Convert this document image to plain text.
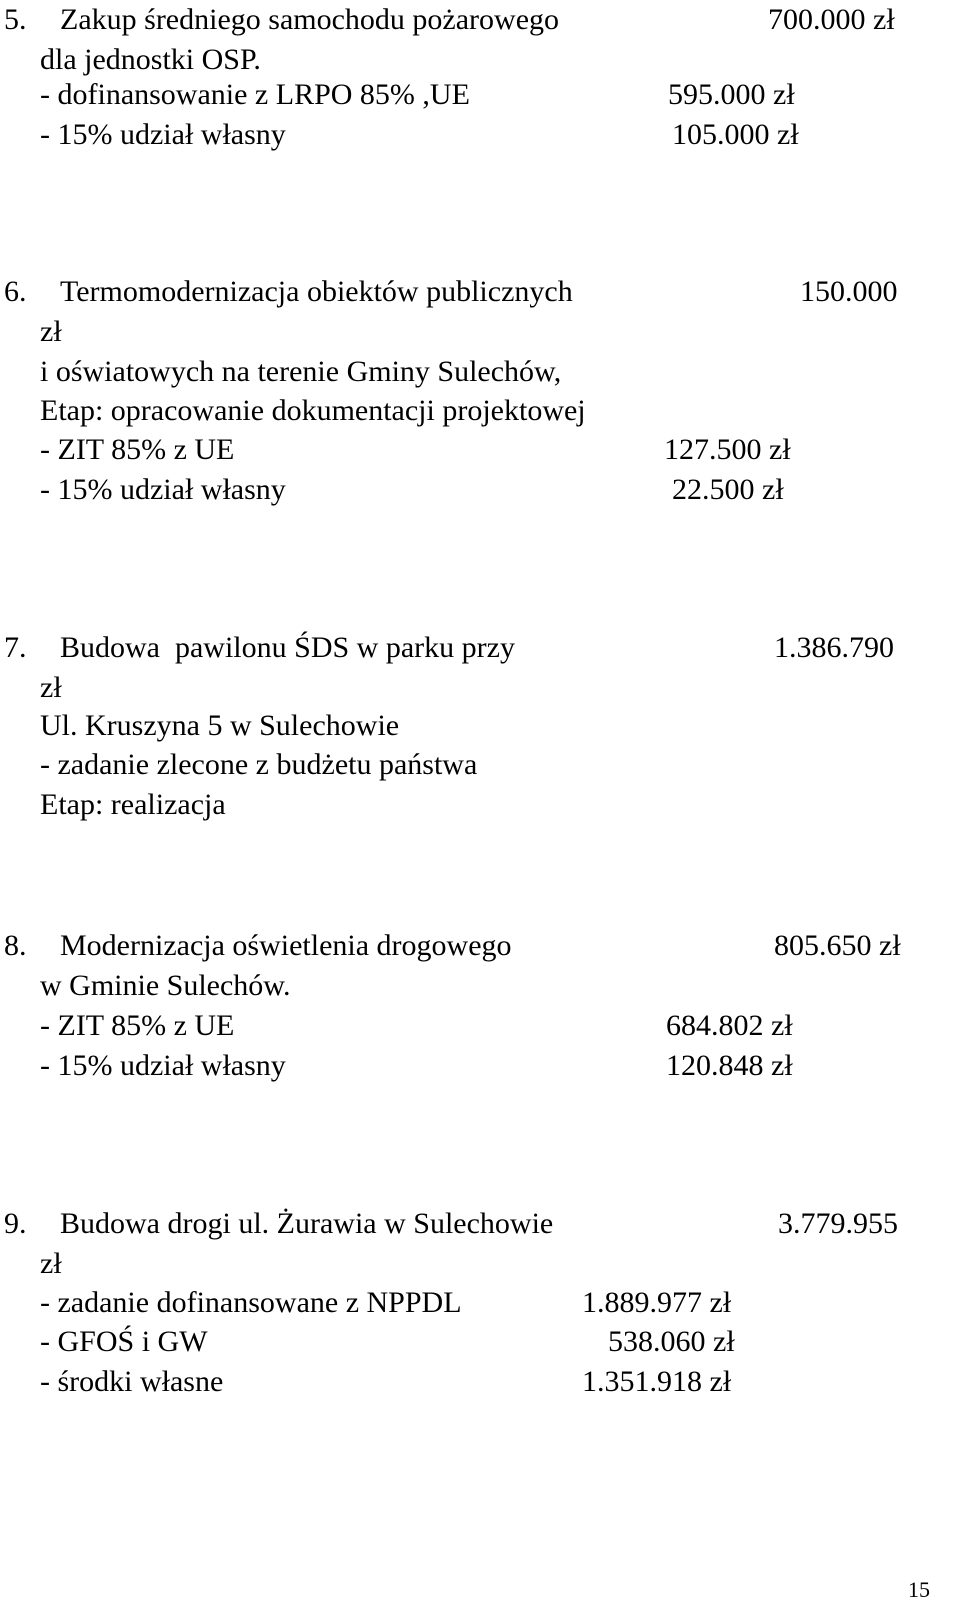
5. Zakup średniego samochodu pożarowego	700.000 zł
dla jednostki OSP.
- dofinansowanie z LRPO 85% ,UE	595.000 zł
- 15% udział własny	105.000 zł
6. Termomodernizacja obiektów publicznych	150.000
zł
i oświatowych na terenie Gminy Sulechów,
Etap: opracowanie dokumentacji projektowej
- ZIT 85% z UE	127.500 zł
- 15% udział własny	22.500 zł
7. Budowa  pawilonu ŚDS w parku przy	1.386.790
zł
Ul. Kruszyna 5 w Sulechowie
- zadanie zlecone z budżetu państwa
Etap: realizacja
8. Modernizacja oświetlenia drogowego	805.650 zł
w Gminie Sulechów.
- ZIT 85% z UE	684.802 zł
- 15% udział własny	120.848 zł
9. Budowa drogi ul. Żurawia w Sulechowie	3.779.955
zł
- zadanie dofinansowane z NPPDL	1.889.977 zł
- GFOŚ i GW	538.060 zł
- środki własne	1.351.918 zł
15
